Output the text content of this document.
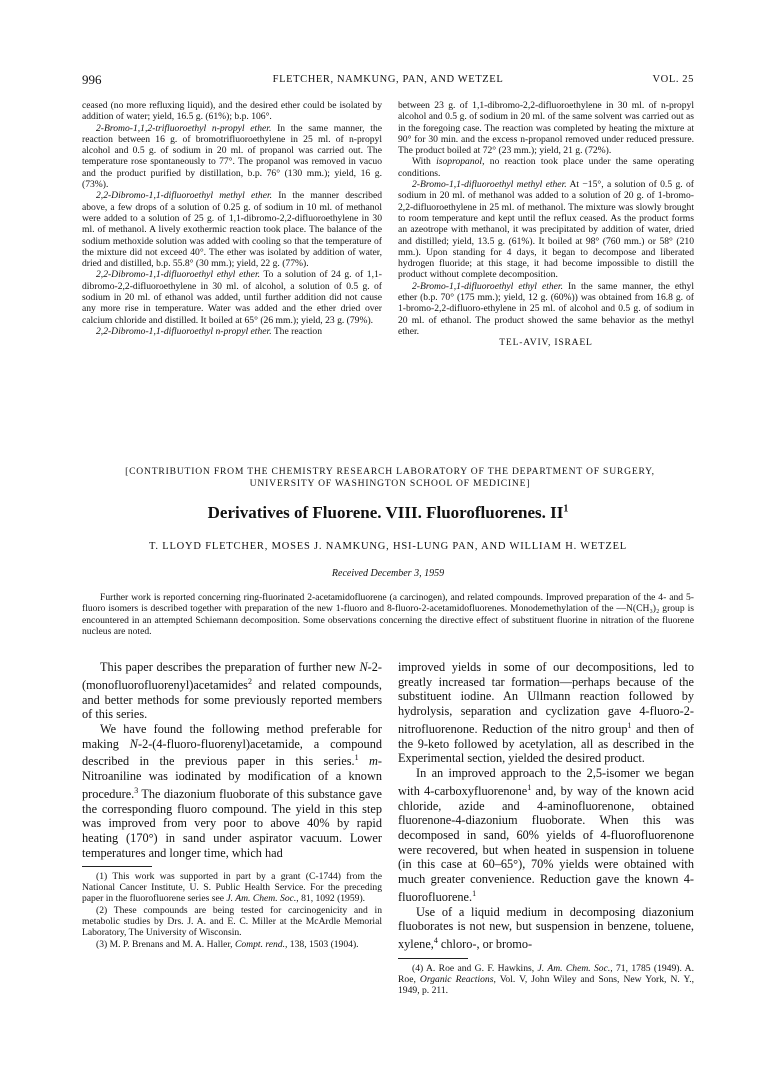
996	FLETCHER, NAMKUNG, PAN, AND WETZEL	VOL. 25

ceased (no more refluxing liquid), and the desired ether could be isolated by addition of water; yield, 16.5 g. (61%); b.p. 106°.

2-Bromo-1,1,2-trifluoroethyl n-propyl ether. In the same manner, the reaction between 16 g. of bromotrifluoroethylene in 25 ml. of n-propyl alcohol and 0.5 g. of sodium in 20 ml. of propanol was carried out. The temperature rose spontaneously to 77°. The propanol was removed in vacuo and the product purified by distillation, b.p. 76° (130 mm.); yield, 16 g. (73%).

2,2-Dibromo-1,1-difluoroethyl methyl ether. In the manner described above, a few drops of a solution of 0.25 g. of sodium in 10 ml. of methanol were added to a solution of 25 g. of 1,1-dibromo-2,2-difluoroethylene in 30 ml. of methanol. A lively exothermic reaction took place. The balance of the sodium methoxide solution was added with cooling so that the temperature of the mixture did not exceed 40°. The ether was isolated by addition of water, dried and distilled, b.p. 55.8° (30 mm.); yield, 22 g. (77%).

2,2-Dibromo-1,1-difluoroethyl ethyl ether. To a solution of 24 g. of 1,1-dibromo-2,2-difluoroethylene in 30 ml. of alcohol, a solution of 0.5 g. of sodium in 20 ml. of ethanol was added, until further addition did not cause any more rise in temperature. Water was added and the ether dried over calcium chloride and distilled. It boiled at 65° (26 mm.); yield, 23 g. (79%).

2,2-Dibromo-1,1-difluoroethyl n-propyl ether. The reaction

between 23 g. of 1,1-dibromo-2,2-difluoroethylene in 30 ml. of n-propyl alcohol and 0.5 g. of sodium in 20 ml. of the same solvent was carried out as in the foregoing case. The reaction was completed by heating the mixture at 90° for 30 min. and the excess n-propanol removed under reduced pressure. The product boiled at 72° (23 mm.); yield, 21 g. (72%).

With isopropanol, no reaction took place under the same operating conditions.

2-Bromo-1,1-difluoroethyl methyl ether. At −15°, a solution of 0.5 g. of sodium in 20 ml. of methanol was added to a solution of 20 g. of 1-bromo-2,2-difluoroethylene in 25 ml. of methanol. The mixture was slowly brought to room temperature and kept until the reflux ceased. As the product forms an azeotrope with methanol, it was precipitated by addition of water, dried and distilled; yield, 13.5 g. (61%). It boiled at 98° (760 mm.) or 58° (210 mm.). Upon standing for 4 days, it began to decompose and liberated hydrogen fluoride; at this stage, it had become impossible to distill the product without complete decomposition.

2-Bromo-1,1-difluoroethyl ethyl ether. In the same manner, the ethyl ether (b.p. 70° (175 mm.); yield, 12 g. (60%)) was obtained from 16.8 g. of 1-bromo-2,2-difluoro-ethylene in 25 ml. of alcohol and 0.5 g. of sodium in 20 ml. of ethanol. The product showed the same behavior as the methyl ether.

TEL-AVIV, ISRAEL

[CONTRIBUTION FROM THE CHEMISTRY RESEARCH LABORATORY OF THE DEPARTMENT OF SURGERY,
UNIVERSITY OF WASHINGTON SCHOOL OF MEDICINE]
Derivatives of Fluorene. VIII. Fluorofluorenes. $II^1$
T. LLOYD FLETCHER, MOSES J. NAMKUNG, HSI-LUNG PAN, AND WILLIAM H. WETZEL
Received December 3, 1959

Further work is reported concerning ring-fluorinated 2-acetamidofluorene (a carcinogen), and related compounds. Improved preparation of the 4- and 5-fluoro isomers is described together with preparation of the new 1-fluoro and 8-fluoro-2-acetamidofluorenes. Monodemethylation of the —N(CH₃)₂ group is encountered in an attempted Schiemann decomposition. Some observations concerning the directive effect of substituent fluorine in nitration of the fluorene nucleus are noted.

This paper describes the preparation of further new N-2-(monofluorofluorenyl)acetamides$^2$ and related compounds, and better methods for some previously reported members of this series.

We have found the following method preferable for making N-2-(4-fluoro-fluorenyl)acetamide, a compound described in the previous paper in this series.$^1$ m-Nitroaniline was iodinated by modification of a known procedure.$^3$ The diazonium fluoborate of this substance gave the corresponding fluoro compound. The yield in this step was improved from very poor to above 40% by rapid heating (170°) in sand under aspirator vacuum. Lower temperatures and longer time, which had

(1) This work was supported in part by a grant (C-1744) from the National Cancer Institute, U. S. Public Health Service. For the preceding paper in the fluorofluorene series see J. Am. Chem. Soc., 81, 1092 (1959).

(2) These compounds are being tested for carcinogenicity and in metabolic studies by Drs. J. A. and E. C. Miller at the McArdle Memorial Laboratory, The University of Wisconsin.

(3) M. P. Brenans and M. A. Haller, Compt. rend., 138, 1503 (1904).

improved yields in some of our decompositions, led to greatly increased tar formation—perhaps because of the substituent iodine. An Ullmann reaction followed by hydrolysis, separation and cyclization gave 4-fluoro-2-nitrofluorenone. Reduction of the nitro group$^1$ and then of the 9-keto followed by acetylation, all as described in the Experimental section, yielded the desired product.

In an improved approach to the 2,5-isomer we began with 4-carboxyfluorenone$^1$ and, by way of the known acid chloride, azide and 4-aminofluorenone, obtained fluorenone-4-diazonium fluoborate. When this was decomposed in sand, 60% yields of 4-fluorofluorenone were recovered, but when heated in suspension in toluene (in this case at 60–65°), 70% yields were obtained with much greater convenience. Reduction gave the known 4-fluorofluorene.$^1$

Use of a liquid medium in decomposing diazonium fluoborates is not new, but suspension in benzene, toluene, xylene,$^4$ chloro-, or bromo-

(4) A. Roe and G. F. Hawkins, J. Am. Chem. Soc., 71, 1785 (1949). A. Roe, Organic Reactions, Vol. V, John Wiley and Sons, New York, N. Y., 1949, p. 211.
